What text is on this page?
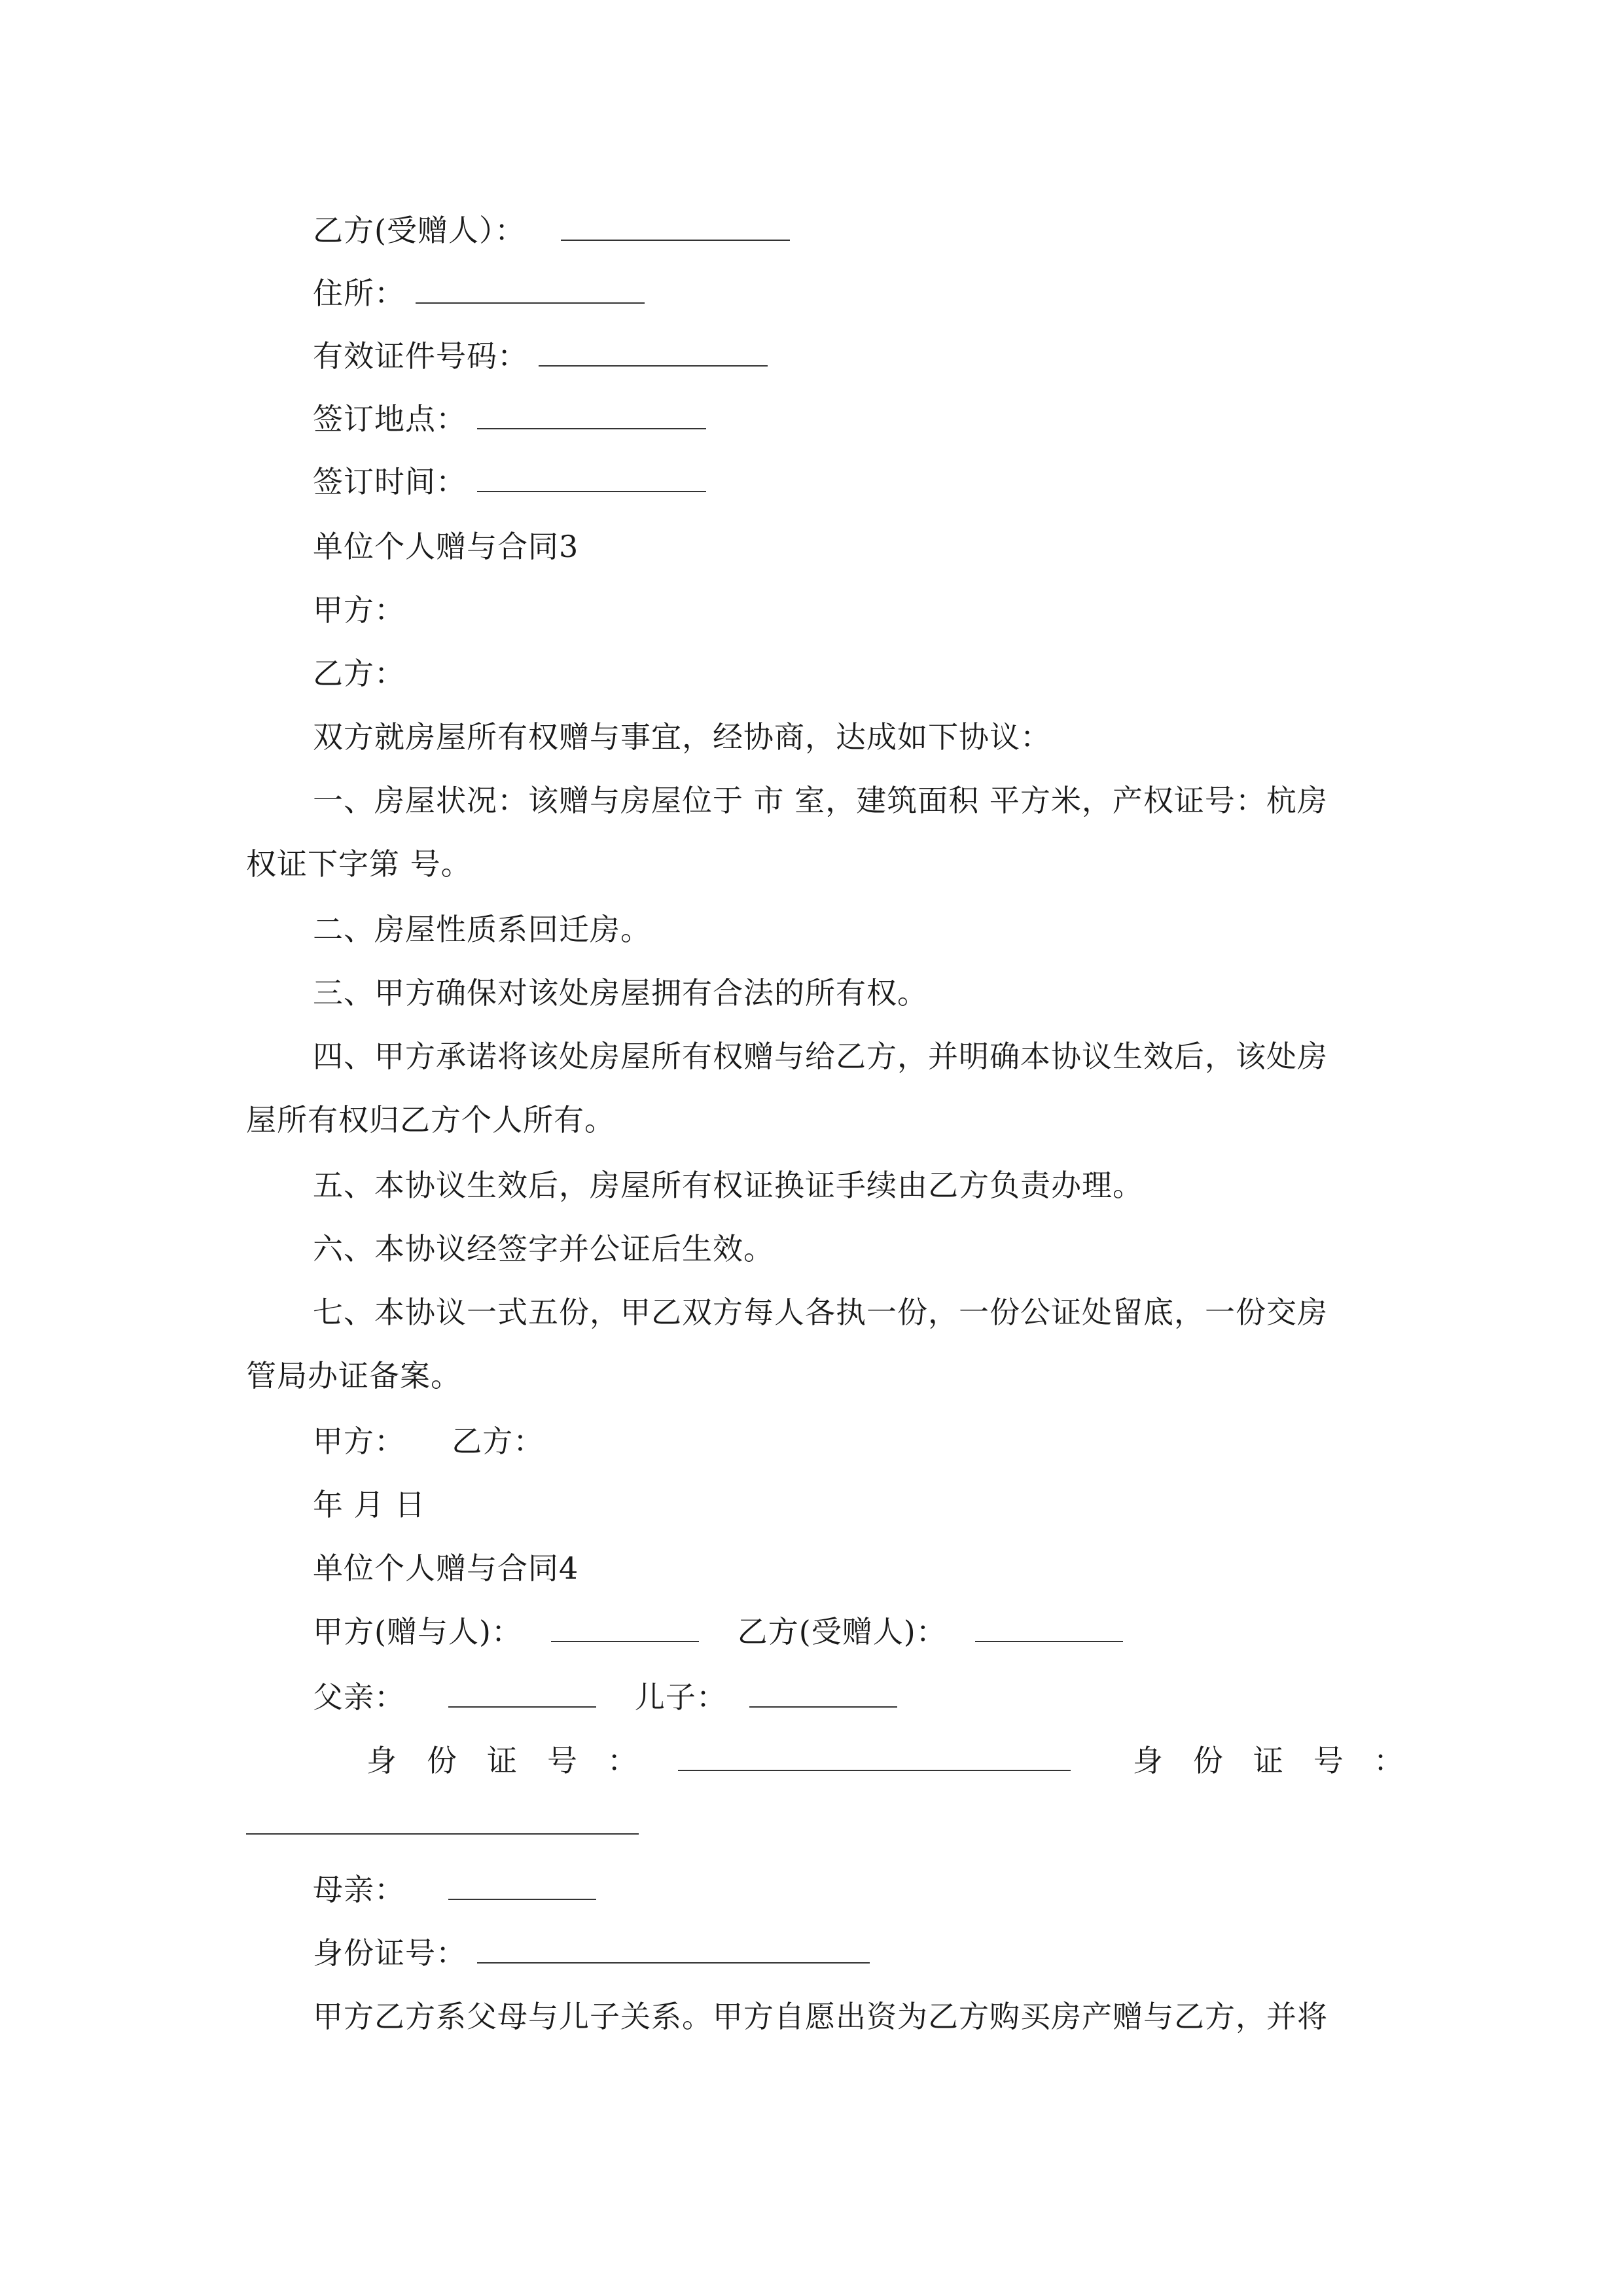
乙方(受赠人）：
住所：
有效证件号码：
签订地点：
签订时间：
单位个人赠与合同3
甲方：
乙方：
双方就房屋所有权赠与事宜，经协商，达成如下协议：
一、房屋状况：该赠与房屋位于 市 室，建筑面积 平方米，产权证号：杭房
权证下字第 号。
二、房屋性质系回迁房。
三、甲方确保对该处房屋拥有合法的所有权。
四、甲方承诺将该处房屋所有权赠与给乙方，并明确本协议生效后，该处房
屋所有权归乙方个人所有。
五、本协议生效后，房屋所有权证换证手续由乙方负责办理。
六、本协议经签字并公证后生效。
七、本协议一式五份，甲乙双方每人各执一份，一份公证处留底，一份交房
管局办证备案。
甲方： 乙方：
年 月 日
单位个人赠与合同4
甲方(赠与人)：	乙方(受赠人)：
父亲：	儿子：
身份证号：	身份证号：
母亲：
身份证号：
甲方乙方系父母与儿子关系。甲方自愿出资为乙方购买房产赠与乙方，并将
